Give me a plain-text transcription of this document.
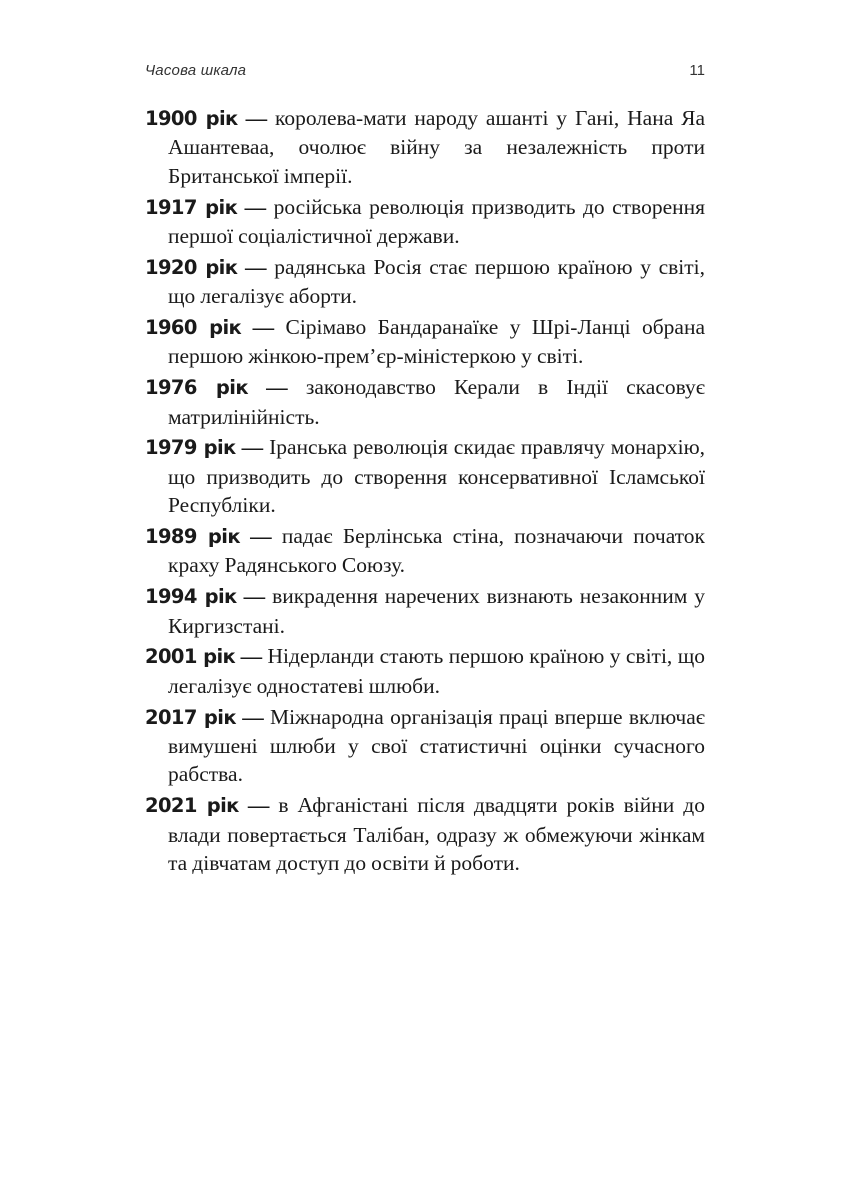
Часова шкала	11
1900 рік — королева-мати народу ашанті у Гані, Нана Яа Ашантеваа, очолює війну за незалежність проти Британської імперії.
1917 рік — російська революція призводить до створення першої соціалістичної держави.
1920 рік — радянська Росія стає першою країною у світі, що легалізує аборти.
1960 рік — Сірімаво Бандаранаїке у Шрі-Ланці обрана першою жінкою-прем’єр-міністеркою у світі.
1976 рік — законодавство Керали в Індії скасовує матрилінійність.
1979 рік — Іранська революція скидає правлячу монархію, що призводить до створення консервативної Ісламської Республіки.
1989 рік — падає Берлінська стіна, позначаючи початок краху Радянського Союзу.
1994 рік — викрадення наречених визнають незаконним у Киргизстані.
2001 рік — Нідерланди стають першою країною у світі, що легалізує одностатеві шлюби.
2017 рік — Міжнародна організація праці вперше включає вимушені шлюби у свої статистичні оцінки сучасного рабства.
2021 рік — в Афганістані після двадцяти років війни до влади повертається Талібан, одразу ж обмежуючи жінкам та дівчатам доступ до освіти й роботи.
